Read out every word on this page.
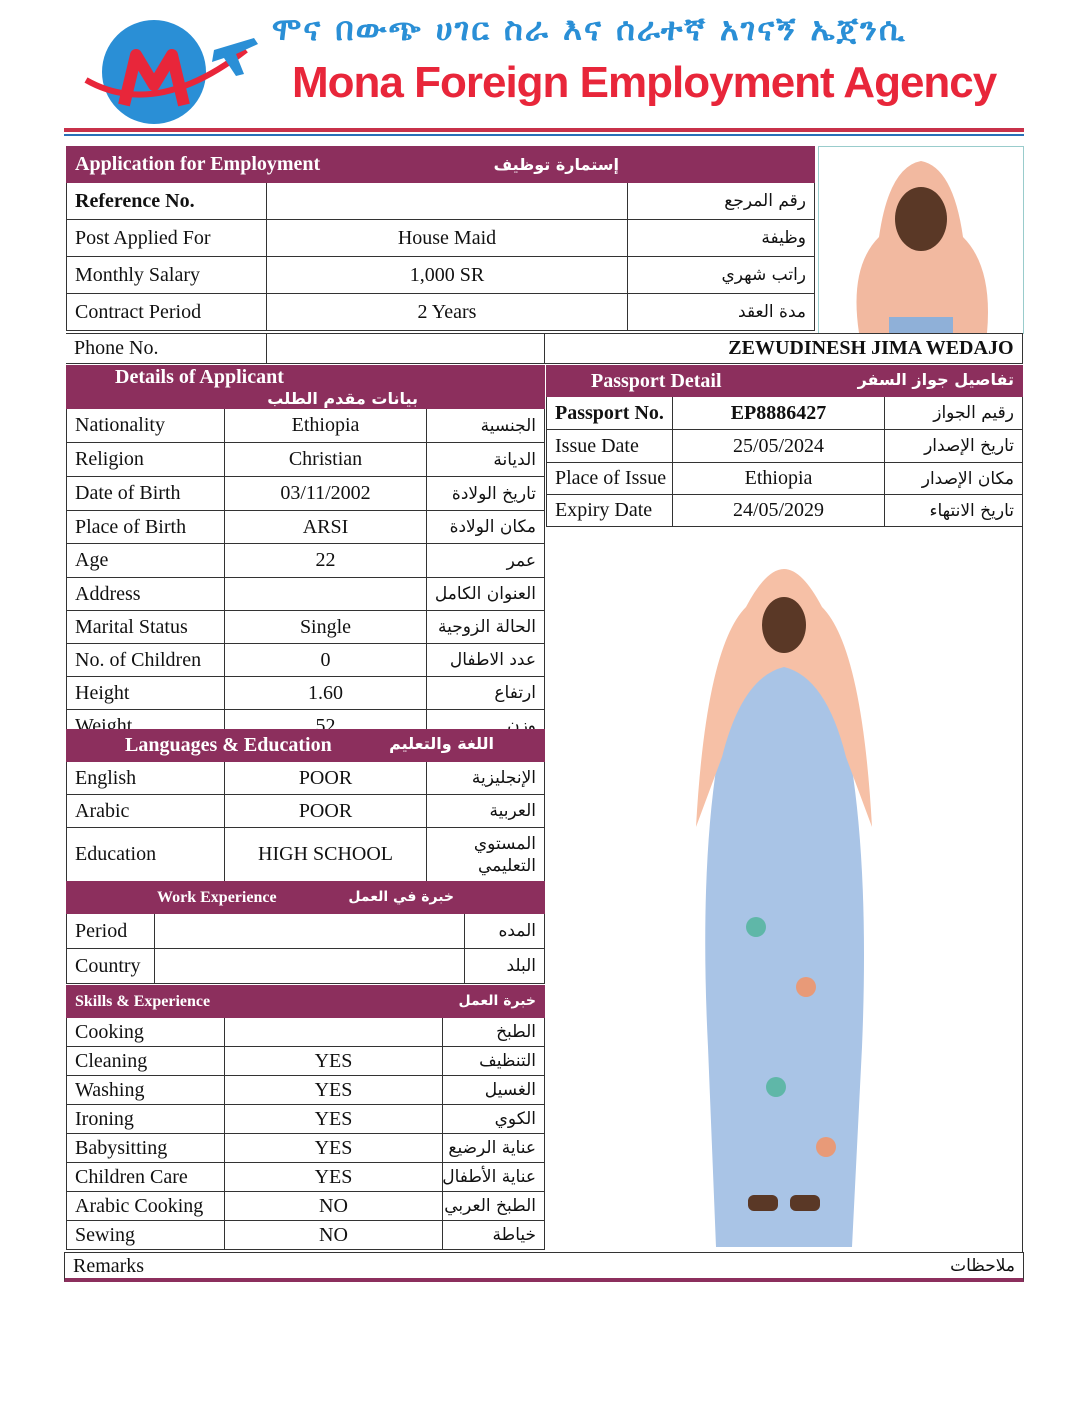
ሞና በውጭ ሀገር ስራ እና ሰራተኛ አገናኝ ኤጀንሲ
Mona Foreign Employment Agency
Application for Employment	إستمارة توظيف	
Reference No.		رقم المرجع
Post Applied For	House Maid	وظيفة
Monthly Salary	1,000 SR	راتب شهري
Contract Period	2 Years	مدة العقد
Phone No.		ZEWUDINESH JIMA WEDAJO
Details of Applicant
بيانات مقدم الطلب		

Nationality	Ethiopia	الجنسية
Religion	Christian	الديانة
Date of Birth	03/11/2002	تاريخ الولادة
Place of Birth	ARSI	مكان الولادة
Age	22	عمر
Address		العنوان الكامل
Marital Status	Single	الحالة الزوجية
No. of Children	0	عدد الاطفال
Height	1.60	ارتفاع
Weight	52	وزن
Passport Detail تفاصيل جواز السفر		

Passport No.	EP8886427	رقيم الجواز
Issue Date	25/05/2024	تاريخ الإصدار
Place of Issue	Ethiopia	مكان الإصدار
Expiry Date	24/05/2029	تاريخ الانتهاء
Languages & Education اللغة والتعليم		

English	POOR	الإنجليزية
Arabic	POOR	العربية
Education	HIGH SCHOOL	المستوي التعليمي
Work Experience خبرة في العمل		

Period		المده
Country		البلد
Skills & Experience خبرة العمل		

Cooking		الطبخ
Cleaning	YES	التنظيف
Washing	YES	الغسيل
Ironing	YES	الكوي
Babysitting	YES	عناية الرضيع
Children Care	YES	عناية الأطفال
Arabic Cooking	NO	الطبخ العربي
Sewing	NO	خياطة
Remarks	ملاحظات
